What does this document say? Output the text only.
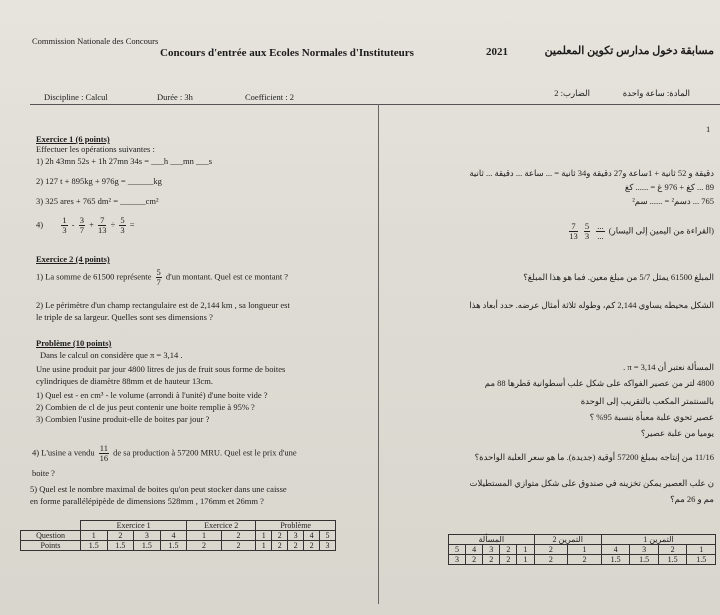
Commission Nationale des Concours
Concours d'entrée aux Ecoles Normales d'Instituteurs	2021	مسابقة دخول مدارس تكوين المعلمين
Discipline : Calcul	Durée : 3h	Coefficient : 2	المادة: ساعة واحدة
الضارب: 2
Exercice 1 (6 points)
Effectuer les opérations suivantes :
1) 2h 43mn 52s + 1h 27mn 34s = ___h ___mn ___s
2) 127 t + 895kg + 976g = ______kg
3) 325 ares + 765 dm² = ______cm²
$4) \frac{1}{3} - \frac{3}{7} + \frac{7}{13} \div \frac{5}{3}$ =
Exercice 2 (4 points)
1) La somme de 61500 représente $\frac{5}{7} d'un$ montant. Quel est ce montant ?
2) Le périmètre d'un champ rectangulaire est de 2,144 km , sa longueur est
le triple de sa largeur. Quelles sont ses dimensions ?
Problème (10 points)
Dans le calcul on considère que π = 3,14 .
Une usine produit par jour 4800 litres de jus de fruit sous forme de boites
cylindriques de diamètre 88mm et de hauteur 13cm.
1) Quel est - en cm³ - le volume (arrondi à l'unité) d'une boite vide ?
2) Combien de cl de jus peut contenir une boite remplie à 95% ?
3) Combien l'usine produit-elle de boites par jour ?
4) L'usine a vendu $\frac{11}{16}$ de sa production à 57200 MRU. Quel est le prix d'une
boite ?
5) Quel est le nombre maximal de boites qu'on peut stocker dans une caisse
en forme parallélépipède de dimensions 528mm , 176mm et 26mm ?
	Exercice 1				Exercice 2		Problème				
Question	1	2	3	4	1	2	1	2	3	4	5
Points	1.5	1.5	1.5	1.5	2	2	1	2	2	2	3
1
دقيقة و 52 ثانية + 1ساعة و27 دقيقة و34 ثانية = ... ساعة ... دقيقة ... ثانية
89 ... كغ + 976 غ = ...... كغ
765 ... دسم² = ...... سم²
(القراءة من اليمين إلى اليسار)
$\frac{...}{...}$

$\frac{5}{3}$

$\frac{7}{13}$
المبلغ 61500 يمثل 5/7 من مبلغ معين. فما هو هذا المبلغ؟
الشكل محيطه يساوي 2,144 كم، وطوله ثلاثة أمثال عرضه. حدد أبعاد هذا
المسألة نعتبر أن π = 3,14 .
4800 لتر من عصير الفواكه على شكل علب أسطوانية قطرها 88 مم
بالسنتمتر المكعب بالتقريب إلى الوحدة
عصير تحوي علبة معبأة بنسبة 95% ؟
يوميا من علبة عصير؟
11/16 من إنتاجه بمبلغ 57200 أوقية (جديدة). ما هو سعر العلبة الواحدة؟
ن علب العصير يمكن تخزينه في صندوق على شكل متوازي المستطيلات
مم و 26 مم؟
المسألة					التمرين 2		التمرين 1			
5	4	3	2	1	2	1	4	3	2	1
3	2	2	2	1	2	2	1.5	1.5	1.5	1.5
